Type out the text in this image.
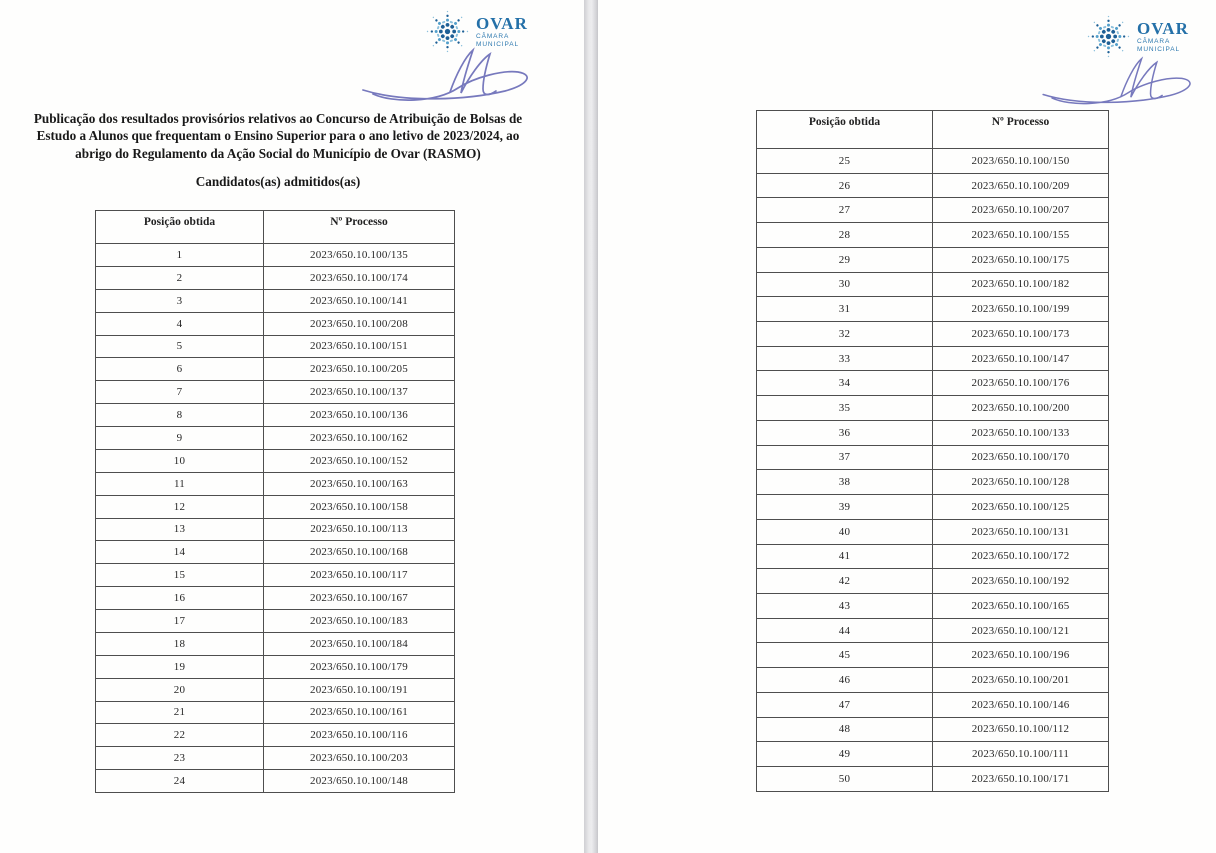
OVAR
CÂMARA
MUNICIPAL
Publicação dos resultados provisórios relativos ao Concurso de Atribuição de Bolsas de Estudo a Alunos que frequentam o Ensino Superior para o ano letivo de 2023/2024, ao abrigo do Regulamento da Ação Social do Município de Ovar (RASMO)
Candidatos(as) admitidos(as)
Posição obtida	Nº Processo
1	2023/650.10.100/135
2	2023/650.10.100/174
3	2023/650.10.100/141
4	2023/650.10.100/208
5	2023/650.10.100/151
6	2023/650.10.100/205
7	2023/650.10.100/137
8	2023/650.10.100/136
9	2023/650.10.100/162
10	2023/650.10.100/152
11	2023/650.10.100/163
12	2023/650.10.100/158
13	2023/650.10.100/113
14	2023/650.10.100/168
15	2023/650.10.100/117
16	2023/650.10.100/167
17	2023/650.10.100/183
18	2023/650.10.100/184
19	2023/650.10.100/179
20	2023/650.10.100/191
21	2023/650.10.100/161
22	2023/650.10.100/116
23	2023/650.10.100/203
24	2023/650.10.100/148
OVAR
CÂMARA
MUNICIPAL
Posição obtida	Nº Processo
25	2023/650.10.100/150
26	2023/650.10.100/209
27	2023/650.10.100/207
28	2023/650.10.100/155
29	2023/650.10.100/175
30	2023/650.10.100/182
31	2023/650.10.100/199
32	2023/650.10.100/173
33	2023/650.10.100/147
34	2023/650.10.100/176
35	2023/650.10.100/200
36	2023/650.10.100/133
37	2023/650.10.100/170
38	2023/650.10.100/128
39	2023/650.10.100/125
40	2023/650.10.100/131
41	2023/650.10.100/172
42	2023/650.10.100/192
43	2023/650.10.100/165
44	2023/650.10.100/121
45	2023/650.10.100/196
46	2023/650.10.100/201
47	2023/650.10.100/146
48	2023/650.10.100/112
49	2023/650.10.100/111
50	2023/650.10.100/171
